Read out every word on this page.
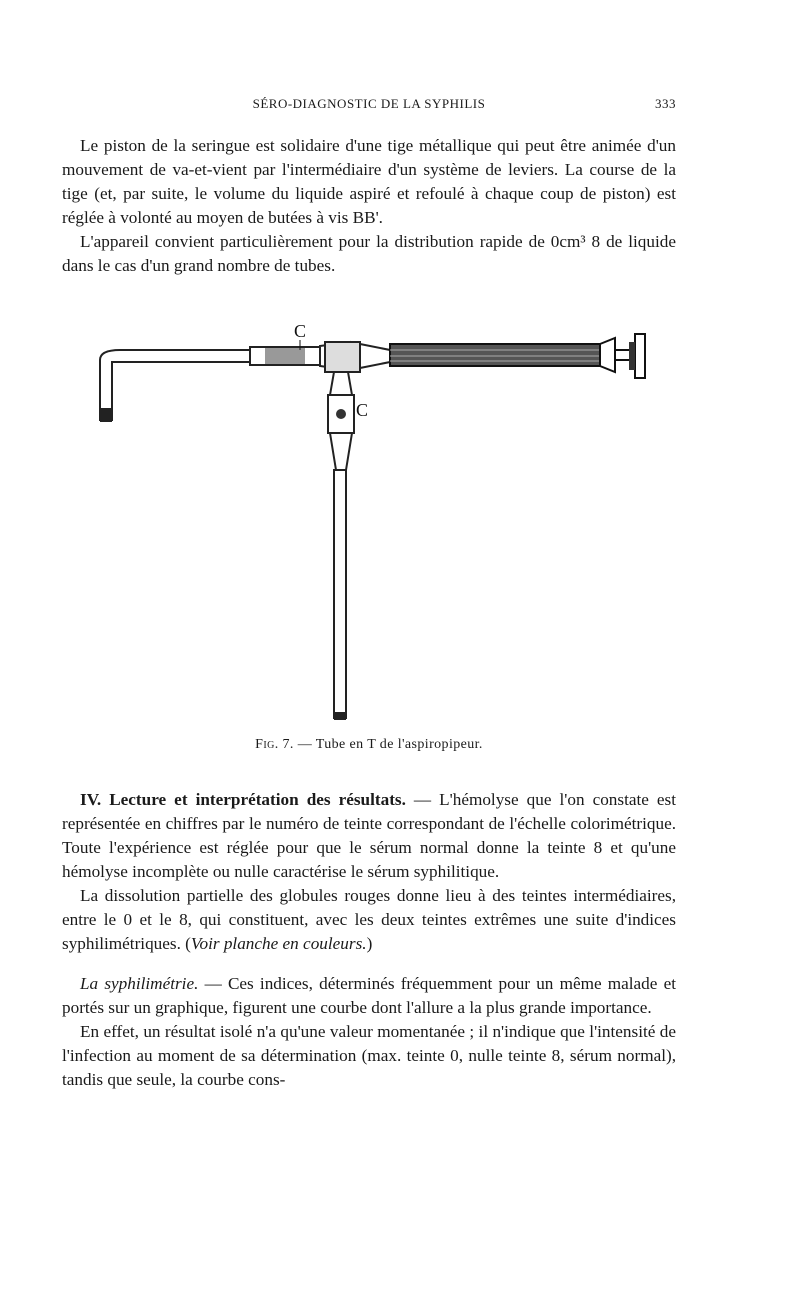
SÉRO-DIAGNOSTIC DE LA SYPHILIS	333

Le piston de la seringue est solidaire d'une tige métallique qui peut être animée d'un mouvement de va-et-vient par l'intermédiaire d'un système de leviers. La course de la tige (et, par suite, le volume du liquide aspiré et refoulé à chaque coup de piston) est réglée à volonté au moyen de butées à vis BB'.

L'appareil convient particulièrement pour la distribution rapide de 0cm³ 8 de liquide dans le cas d'un grand nombre de tubes.

C
C
Fig. 7. — Tube en T de l'aspiropipeur.

IV. Lecture et interprétation des résultats. — L'hémolyse que l'on constate est représentée en chiffres par le numéro de teinte correspondant de l'échelle colorimétrique. Toute l'expérience est réglée pour que le sérum normal donne la teinte 8 et qu'une hémolyse incomplète ou nulle caractérise le sérum syphilitique.

La dissolution partielle des globules rouges donne lieu à des teintes intermédiaires, entre le 0 et le 8, qui constituent, avec les deux teintes extrêmes une suite d'indices syphilimétriques. (Voir planche en couleurs.)

La syphilimétrie. — Ces indices, déterminés fréquemment pour un même malade et portés sur un graphique, figurent une courbe dont l'allure a la plus grande importance.

En effet, un résultat isolé n'a qu'une valeur momentanée ; il n'indique que l'intensité de l'infection au moment de sa détermination (max. teinte 0, nulle teinte 8, sérum normal), tandis que seule, la courbe cons-
